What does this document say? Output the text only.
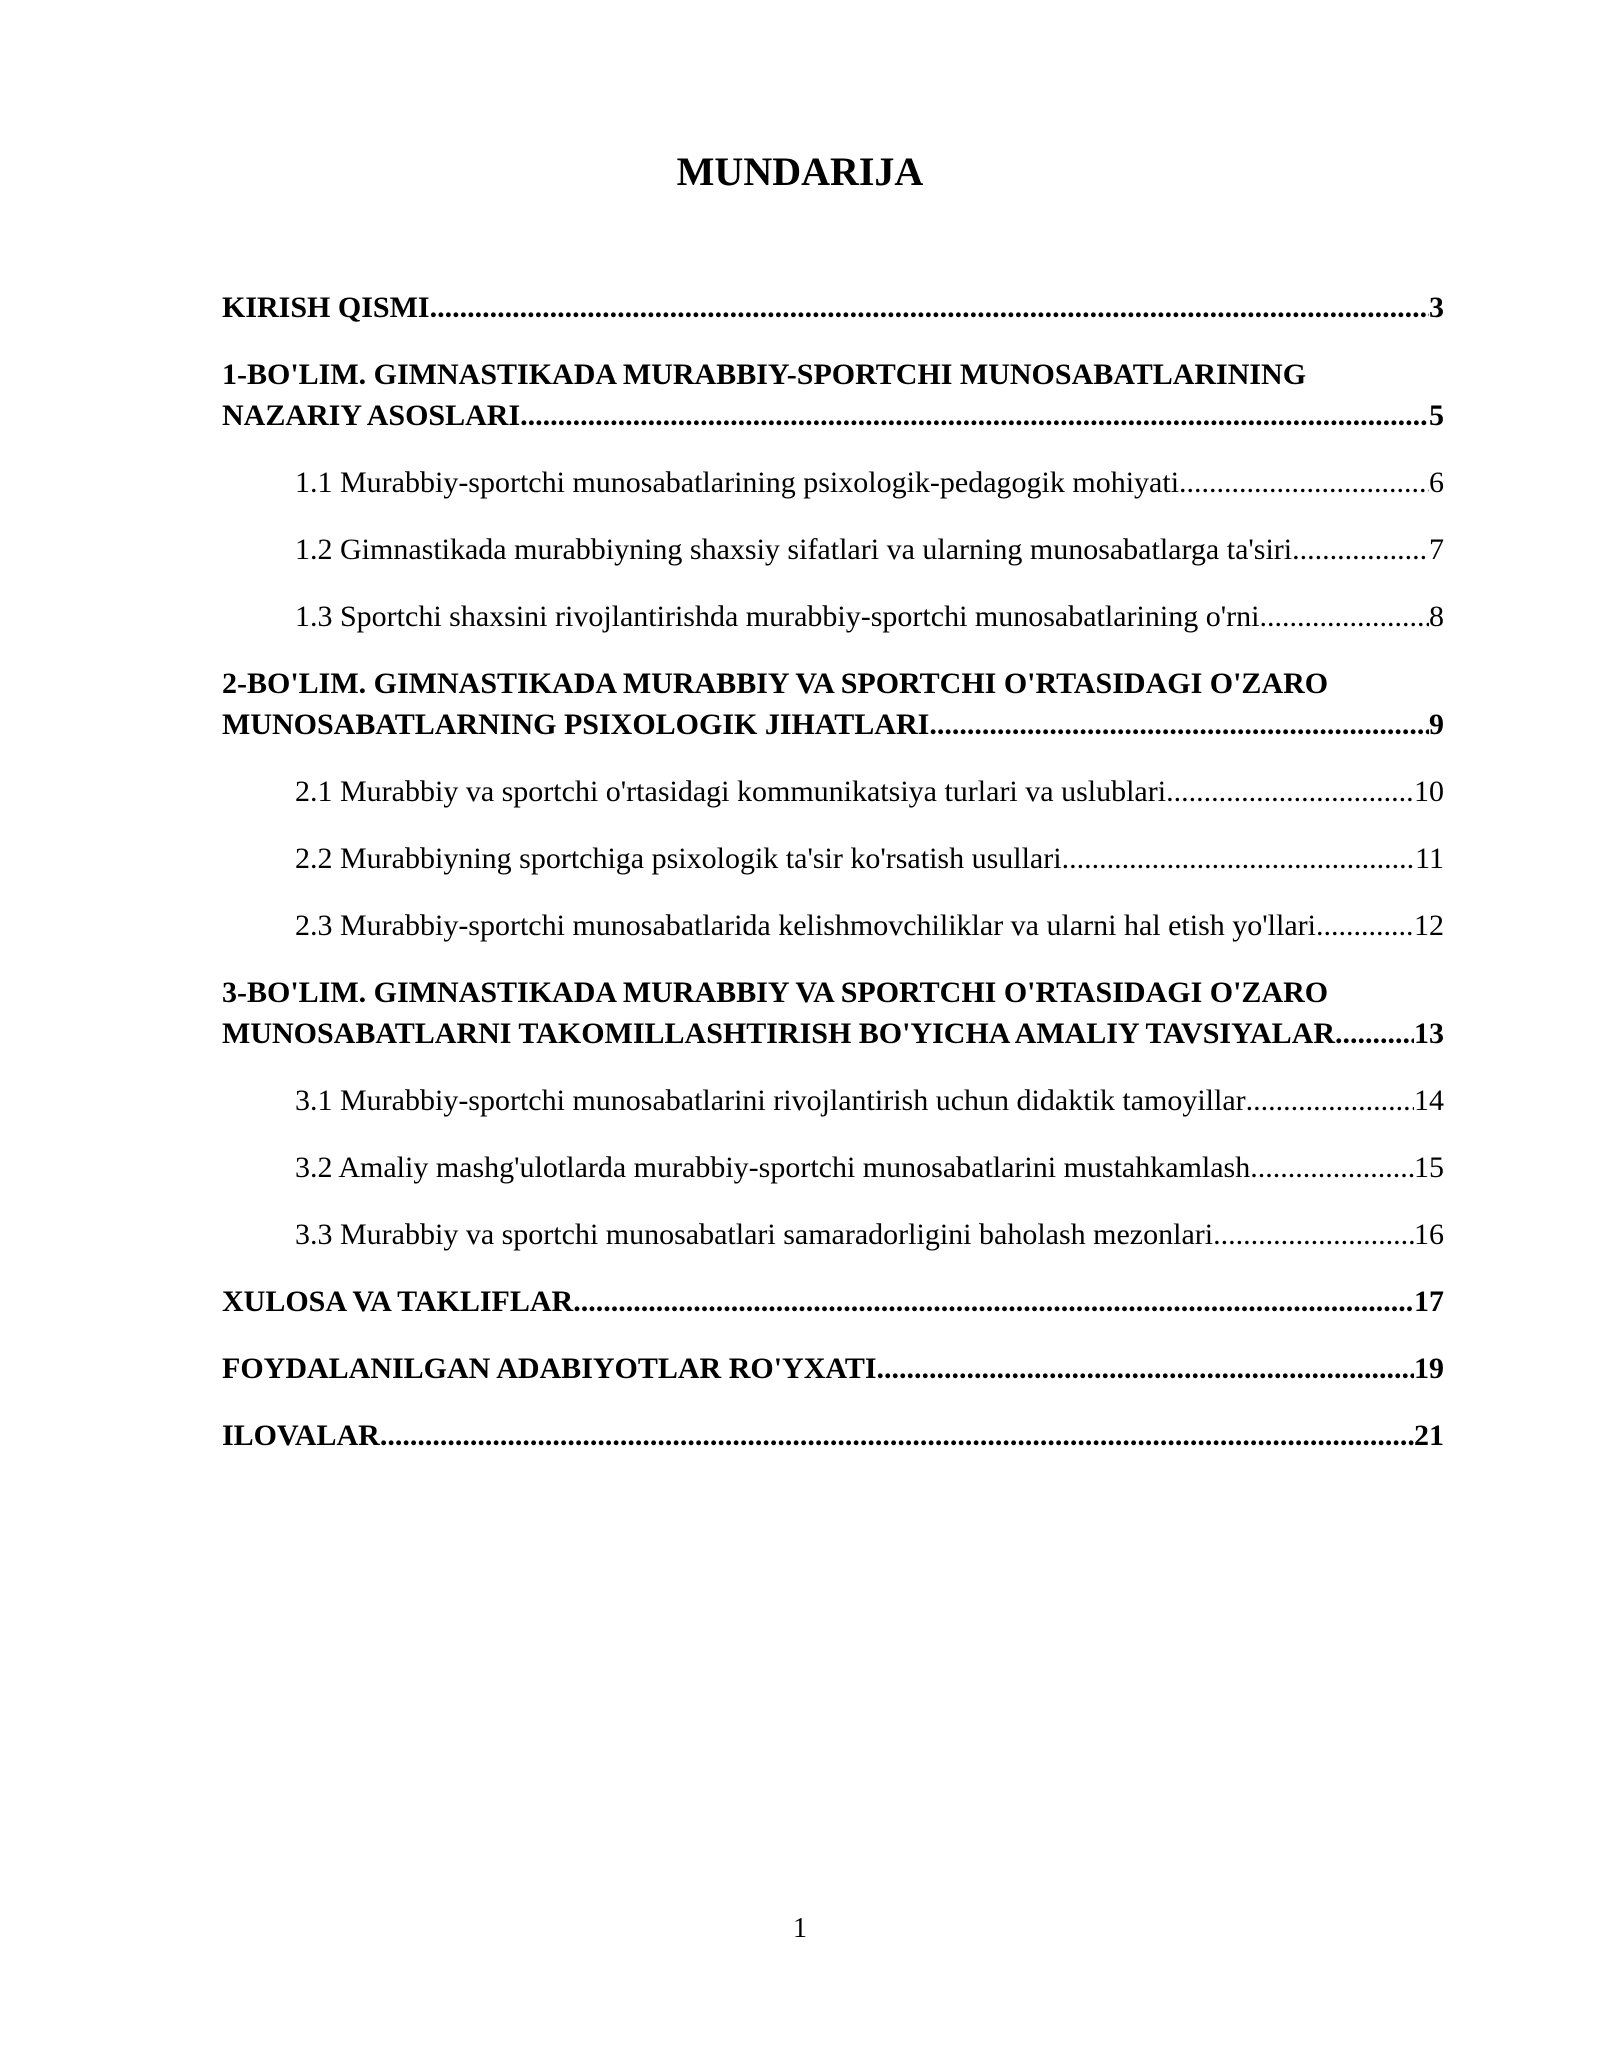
MUNDARIJA
KIRISH QISMI .....	3
1-BO'LIM. GIMNASTIKADA MURABBIY-SPORTCHI MUNOSABATLARINING
NAZARIY ASOSLARI .....	5
1.1 Murabbiy-sportchi munosabatlarining psixologik-pedagogik mohiyati .....	6
1.2 Gimnastikada murabbiyning shaxsiy sifatlari va ularning munosabatlarga ta'siri .....	7
1.3 Sportchi shaxsini rivojlantirishda murabbiy-sportchi munosabatlarining o'rni .....	8
2-BO'LIM. GIMNASTIKADA MURABBIY VA SPORTCHI O'RTASIDAGI O'ZARO
MUNOSABATLARNING PSIXOLOGIK JIHATLARI .....	9
2.1 Murabbiy va sportchi o'rtasidagi kommunikatsiya turlari va uslublari .....	10
2.2 Murabbiyning sportchiga psixologik ta'sir ko'rsatish usullari .....	11
2.3 Murabbiy-sportchi munosabatlarida kelishmovchiliklar va ularni hal etish yo'llari .....	12
3-BO'LIM. GIMNASTIKADA MURABBIY VA SPORTCHI O'RTASIDAGI O'ZARO
MUNOSABATLARNI TAKOMILLASHTIRISH BO'YICHA AMALIY TAVSIYALAR .....	13
3.1 Murabbiy-sportchi munosabatlarini rivojlantirish uchun didaktik tamoyillar .....	14
3.2 Amaliy mashg'ulotlarda murabbiy-sportchi munosabatlarini mustahkamlash .....	15
3.3 Murabbiy va sportchi munosabatlari samaradorligini baholash mezonlari .....	16
XULOSA VA TAKLIFLAR .....	17
FOYDALANILGAN ADABIYOTLAR RO'YXATI .....	19
ILOVALAR .....	21
1
